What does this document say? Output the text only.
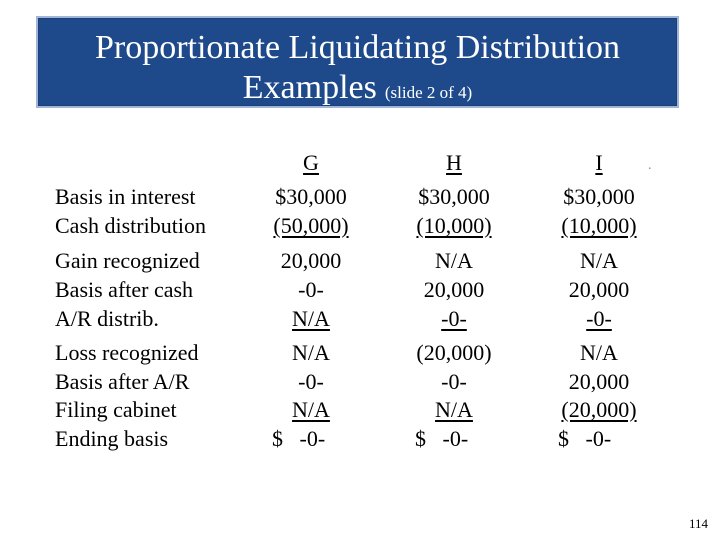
Proportionate Liquidating Distribution
Examples (slide 2 of 4)
.
G	H	I
Basis in interest
Cash distribution
Gain recognized
Basis after cash
A/R distrib.
Loss recognized
Basis after A/R
Filing cabinet
Ending basis
$30,000
(50,000)
20,000
-0-
N/A
N/A
-0-
N/A
$   -0-
$30,000
(10,000)
N/A
20,000
-0-
(20,000)
-0-
N/A
$   -0-
$30,000
(10,000)
N/A
20,000
-0-
N/A
20,000
(20,000)
$   -0-
114
